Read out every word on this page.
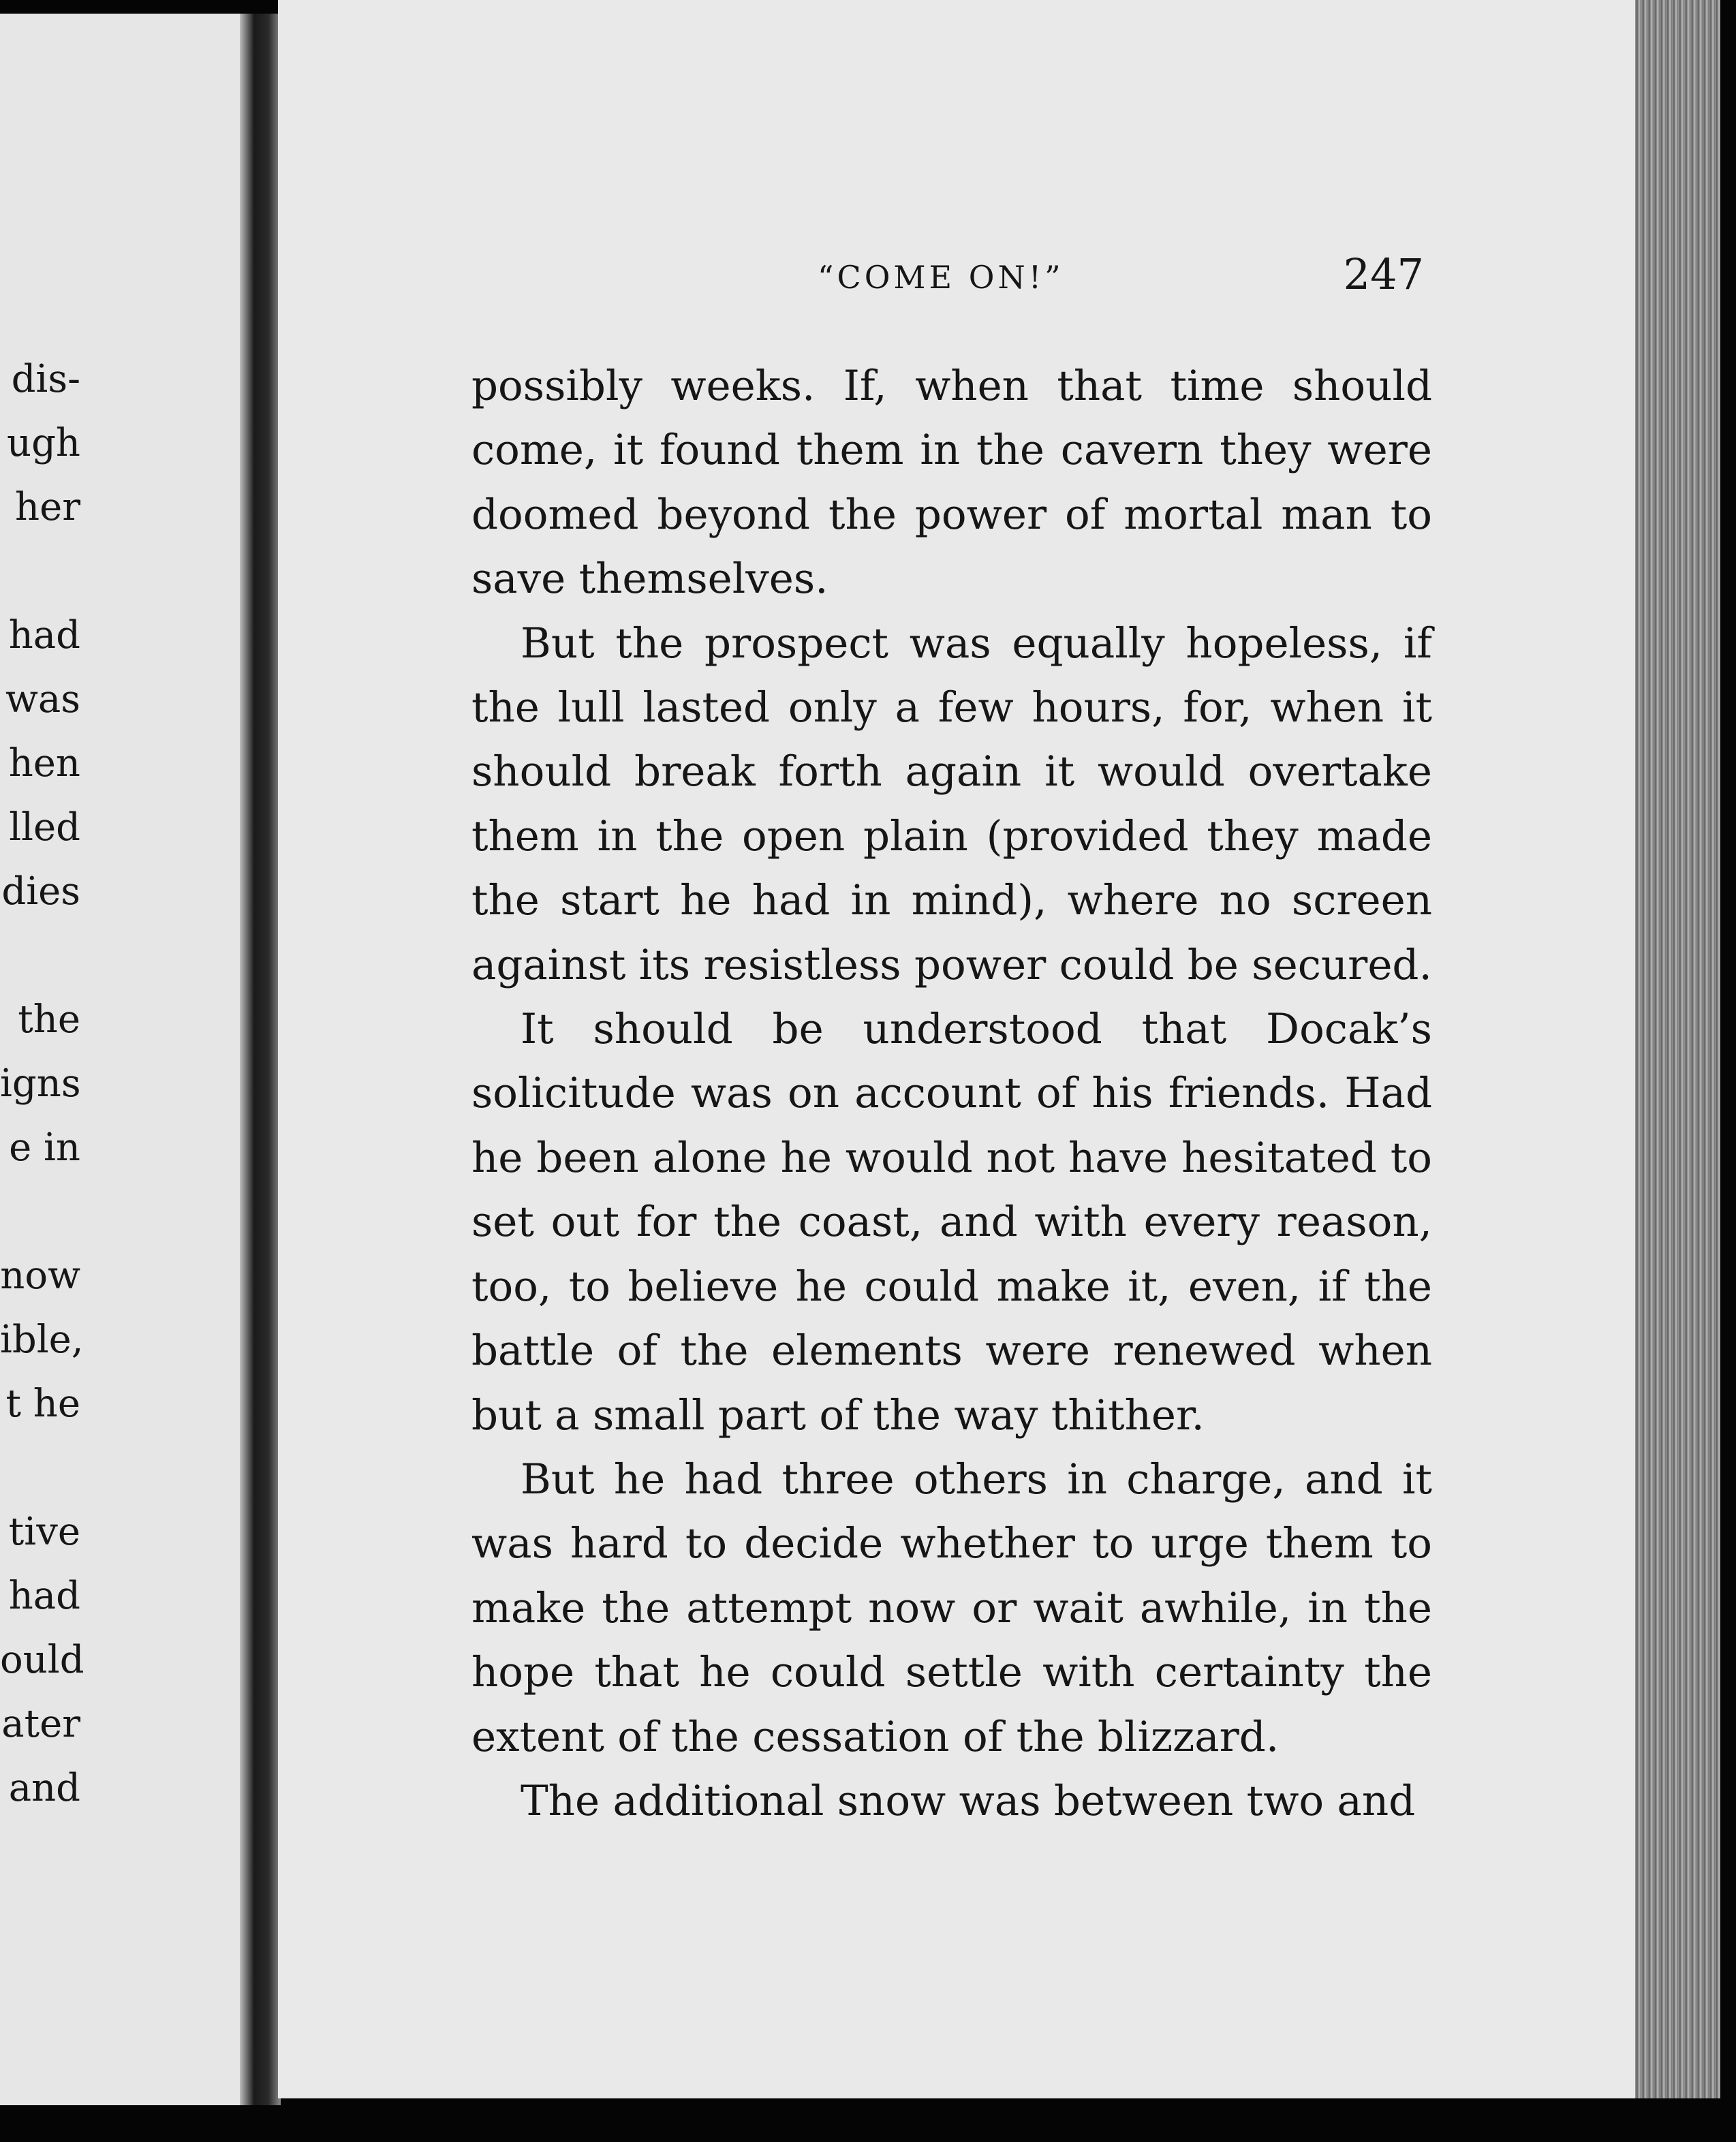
dis-
ugh
her
had
was
hen
lled
dies
the
igns
e in
now
ible,
t he
tive
had
ould
ater
and
“COME ON!”	247

possibly weeks. If, when that time should come, it found them in the cavern they were doomed beyond the power of mortal man to save themselves.

But the prospect was equally hopeless, if the lull lasted only a few hours, for, when it should break forth again it would overtake them in the open plain (provided they made the start he had in mind), where no screen against its resistless power could be secured.

It should be understood that Docak’s solicitude was on account of his friends. Had he been alone he would not have hesitated to set out for the coast, and with every reason, too, to believe he could make it, even, if the battle of the elements were renewed when but a small part of the way thither.

But he had three others in charge, and it was hard to decide whether to urge them to make the attempt now or wait awhile, in the hope that he could settle with certainty the extent of the cessation of the blizzard.

The additional snow was between two and
